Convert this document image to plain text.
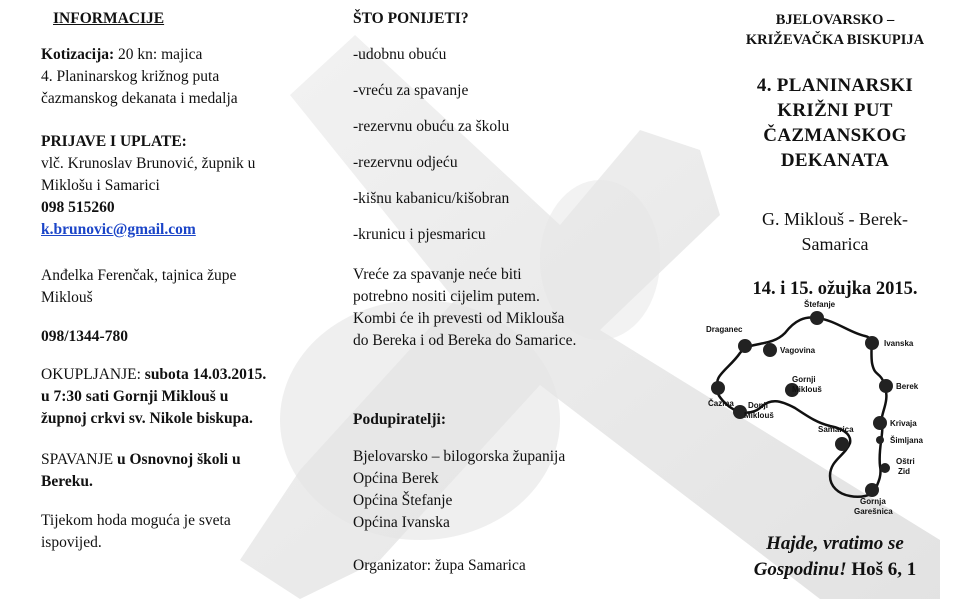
INFORMACIJE
Kotizacija: 20 kn: majica
4. Planinarskog križnog puta
čazmanskog dekanata i medalja
PRIJAVE I UPLATE:
vlč. Krunoslav Brunović, župnik u
Miklošu i Samarici
098 515260
k.brunovic@gmail.com
Anđelka Ferenčak, tajnica župe
Miklouš
098/1344-780
OKUPLJANJE: subota 14.03.2015.
u 7:30 sati Gornji Miklouš u
župnoj crkvi sv. Nikole biskupa.
SPAVANJE u Osnovnoj školi u
Bereku.
Tijekom hoda moguća je sveta
ispovijed.
ŠTO PONIJETI?
-udobnu obuću
-vreću za spavanje
-rezervnu obuću za školu
-rezervnu odjeću
-kišnu kabanicu/kišobran
-krunicu i pjesmaricu
Vreće za spavanje neće biti
potrebno nositi cijelim putem.
Kombi će ih prevesti od Miklouša
do Bereka i od Bereka do Samarice.
Podupiratelji:
Bjelovarsko – bilogorska županija
Općina Berek
Općina Štefanje
Općina Ivanska
Organizator: župa Samarica
BJELOVARSKO –
KRIŽEVAČKA BISKUPIJA
4. PLANINARSKI
KRIŽNI PUT
ČAZMANSKOG
DEKANATA
G. Miklouš - Berek-
Samarica
14. i 15. ožujka 2015.
Hajde, vratimo se
Gospodinu! Hoš 6, 1
Štefanje
Draganec
Vagovina
Ivanska
Berek
Gornji
Miklouš
Čazma Donji
Miklouš
Krivaja
Samarica
Šimljana
Oštri
Zid
Gornja
Garešnica
